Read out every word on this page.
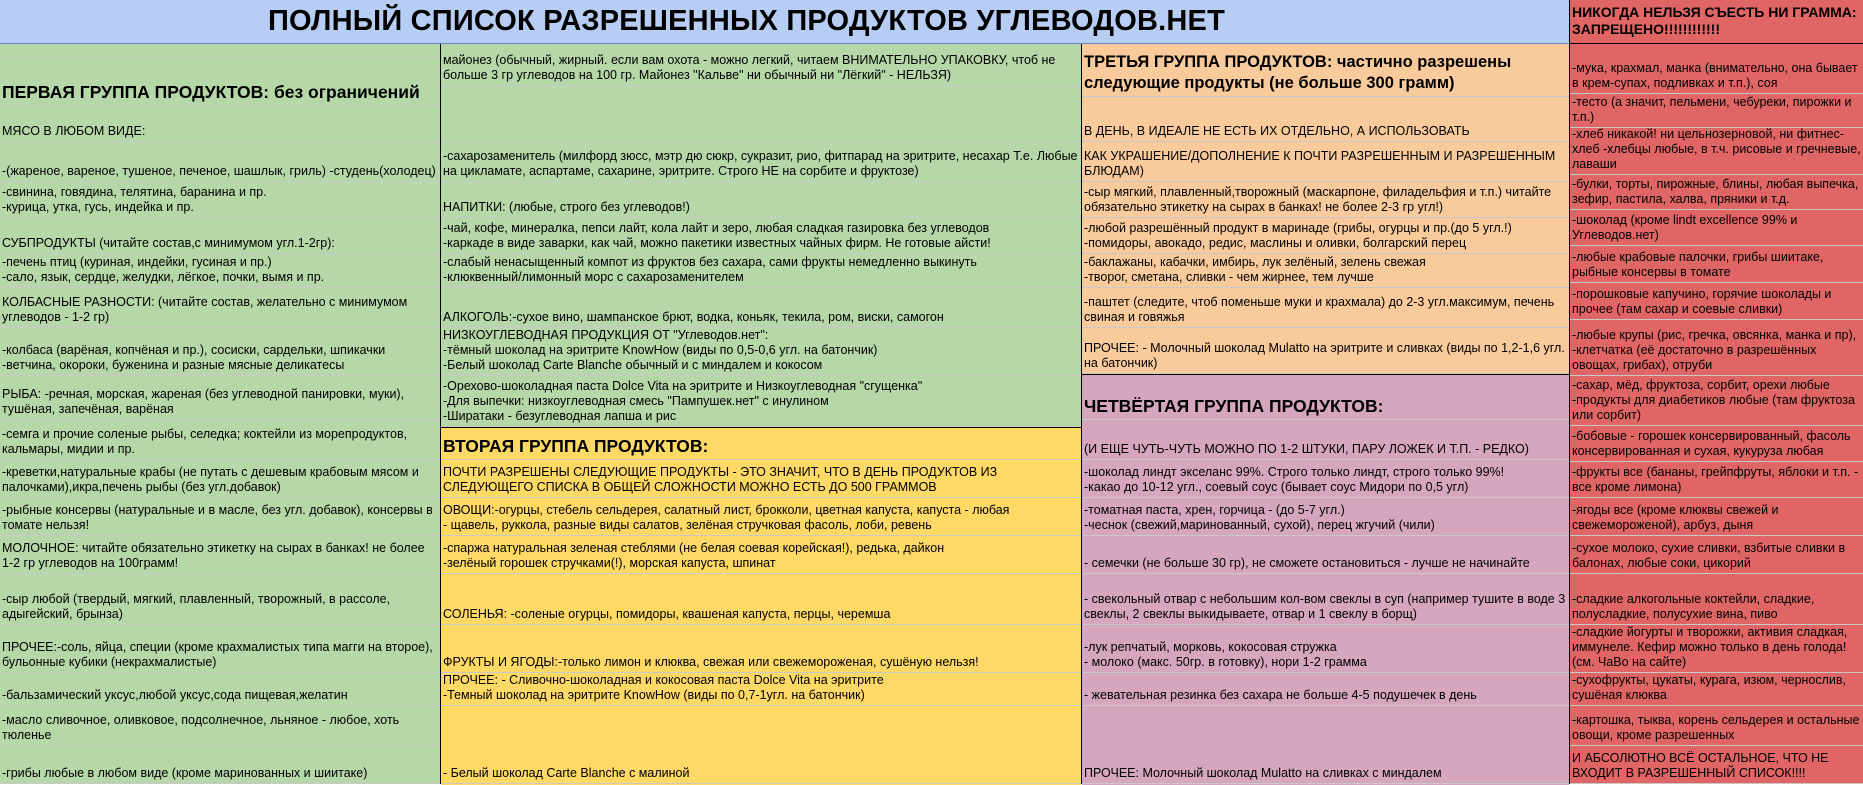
ПОЛНЫЙ СПИСОК РАЗРЕШЕННЫХ ПРОДУКТОВ УГЛЕВОДОВ.НЕТ
ПЕРВАЯ ГРУППА ПРОДУКТОВ: без ограничений
МЯСО В ЛЮБОМ ВИДЕ:
-(жареное, вареное, тушеное, печеное, шашлык, гриль) -студень(холодец)
-свинина, говядина, телятина, баранина и пр.
-курица, утка, гусь, индейка и пр.
СУБПРОДУКТЫ (читайте состав,с минимумом угл.1-2гр):
-печень птиц (куриная, индейки, гусиная и пр.)
-сало, язык, сердце, желудки, лёгкое, почки, вымя и пр.
КОЛБАСНЫЕ РАЗНОСТИ: (читайте состав, желательно с минимумом углеводов - 1-2 гр)
-колбаса (варёная, копчёная и пр.), сосиски, сардельки, шпикачки
-ветчина, окороки, буженина и разные мясные деликатесы
РЫБА: -речная, морская, жареная (без углеводной панировки, муки), тушёная, запечёная, варёная
-семга и прочие соленые рыбы, селедка; коктейли из морепродуктов, кальмары, мидии и пр.
-креветки,натуральные крабы (не путать с дешевым крабовым мясом и палочками),икра,печень рыбы (без угл.добавок)
-рыбные консервы (натуральные и в масле, без угл. добавок), консервы в томате нельзя!
МОЛОЧНОЕ: читайте обязательно этикетку на сырах в банках! не более 1-2 гр углеводов на 100грамм!
-сыр любой (твердый, мягкий, плавленный, творожный, в рассоле, адыгейский, брынза)
ПРОЧЕЕ:-соль, яйца, специи (кроме крахмалистых типа магги на второе), бульонные кубики (некрахмалистые)
-бальзамический уксус,любой уксус,сода пищевая,желатин
-масло сливочное, оливковое, подсолнечное, льняное - любое, хоть тюленье
-грибы любые в любом виде (кроме маринованных и шиитаке)
майонез (обычный, жирный. если вам охота - можно легкий, читаем ВНИМАТЕЛЬНО УПАКОВКУ, чтоб не больше 3 гр углеводов на 100 гр. Майонез "Кальве" ни обычный ни "Лёгкий" - НЕЛЬЗЯ)
-сахарозаменитель (милфорд зюсс, мэтр дю сюкр, сукразит, рио, фитпарад на эритрите, несахар Т.е. Любые на цикламате, аспартаме, сахарине, эритрите. Строго НЕ на сорбите и фруктозе)
НАПИТКИ: (любые, строго без углеводов!)
-чай, кофе, минералка, пепси лайт, кола лайт и зеро, любая сладкая газировка без углеводов
-каркаде в виде заварки, как чай, можно пакетики известных чайных фирм. Не готовые айсти!
-слабый ненасыщенный компот из фруктов без сахара, сами фрукты немедленно выкинуть
-клюквенный/лимонный морс с сахарозаменителем
АЛКОГОЛЬ:-сухое вино, шампанское брют, водка, коньяк, текила, ром, виски, самогон
НИЗКОУГЛЕВОДНАЯ ПРОДУКЦИЯ ОТ "Углеводов.нет":
-тёмный шоколад на эритрите KnowHow (виды по 0,5-0,6 угл. на батончик)
-Белый шоколад Carte Blanche обычный и с миндалем и кокосом
-Орехово-шоколадная паста Dolce Vita на эритрите и Низкоуглеводная "сгущенка"
-Для выпечки: низкоуглеводная смесь "Пампушек.нет" с инулином
-Ширатаки - безуглеводная лапша и рис
ВТОРАЯ ГРУППА ПРОДУКТОВ:
ПОЧТИ РАЗРЕШЕНЫ СЛЕДУЮЩИЕ ПРОДУКТЫ - ЭТО ЗНАЧИТ, ЧТО В ДЕНЬ ПРОДУКТОВ ИЗ СЛЕДУЮЩЕГО СПИСКА В ОБЩЕЙ СЛОЖНОСТИ МОЖНО ЕСТЬ ДО 500 ГРАММОВ
ОВОЩИ:-огурцы, стебель сельдерея, салатный лист, брокколи, цветная капуста, капуста - любая
- щавель, руккола, разные виды салатов, зелёная стручковая фасоль, лоби, ревень
-спаржа натуральная зеленая стеблями (не белая соевая корейская!), редька, дайкон
-зелёный горошек стручками(!), морская капуста, шпинат
СОЛЕНЬЯ: -соленые огурцы, помидоры, квашеная капуста, перцы, черемша
ФРУКТЫ И ЯГОДЫ:-только лимон и клюква, свежая или свежемороженая, сушёную нельзя!
ПРОЧЕЕ: - Сливочно-шоколадная и кокосовая паста Dolce Vita на эритрите
-Темный шоколад на эритрите KnowHow (виды по 0,7-1угл. на батончик)
- Белый шоколад Carte Blanche с малиной
ТРЕТЬЯ ГРУППА ПРОДУКТОВ: частично разрешены следующие продукты (не больше 300 грамм)
В ДЕНЬ, В ИДЕАЛЕ НЕ ЕСТЬ ИХ ОТДЕЛЬНО, А ИСПОЛЬЗОВАТЬ
КАК УКРАШЕНИЕ/ДОПОЛНЕНИЕ К ПОЧТИ РАЗРЕШЕННЫМ И РАЗРЕШЕННЫМ БЛЮДАМ)
-сыр мягкий, плавленный,творожный (маскарпоне, филадельфия и т.п.) читайте обязательно этикетку на сырах в банках! не более 2-3 гр угл!)
-любой разрешённый продукт в маринаде (грибы, огурцы и пр.(до 5 угл.!)
-помидоры, авокадо, редис, маслины и оливки, болгарский перец
-баклажаны, кабачки, имбирь, лук зелёный, зелень свежая
-творог, сметана, сливки - чем жирнее, тем лучше
-паштет (следите, чтоб поменьше муки и крахмала) до 2-3 угл.максимум, печень свиная и говяжья
ПРОЧЕЕ: - Молочный шоколад Mulatto на эритрите и сливках (виды по 1,2-1,6 угл. на батончик)
ЧЕТВЁРТАЯ ГРУППА ПРОДУКТОВ:
(И ЕЩЕ ЧУТЬ-ЧУТЬ МОЖНО ПО 1-2 ШТУКИ, ПАРУ ЛОЖЕК И Т.П. - РЕДКО)
-шоколад линдт экселанс 99%. Строго только линдт, строго только 99%!
-какао до 10-12 угл., соевый соус (бывает соус Мидори по 0,5 угл)
-томатная паста, хрен, горчица - (до 5-7 угл.)
-чеснок (свежий,маринованный, сухой), перец жгучий (чили)
- семечки (не больше 30 гр), не сможете остановиться - лучше не начинайте
- свекольный отвар с небольшим кол-вом свеклы в суп (например тушите в воде 3 свеклы, 2 свеклы выкидываете, отвар и 1 свеклу в борщ)
-лук репчатый, морковь, кокосовая стружка
- молоко (макс. 50гр. в готовку), нори 1-2 грамма
- жевательная резинка без сахара не больше 4-5 подушечек в день
ПРОЧЕЕ: Молочный шоколад Mulatto на сливках с миндалем
НИКОГДА НЕЛЬЗЯ СЪЕСТЬ НИ ГРАММА: ЗАПРЕЩЕНО!!!!!!!!!!!!
-мука, крахмал, манка (внимательно, она бывает в крем-супах, подливках и т.п.), соя
-тесто (а значит, пельмени, чебуреки, пирожки и т.п.)
-хлеб никакой! ни цельнозерновой, ни фитнес-хлеб -хлебцы любые, в т.ч. рисовые и гречневые, лаваши
-булки, торты, пирожные, блины, любая выпечка, зефир, пастила, халва, пряники и т.д.
-шоколад (кроме lindt excellence 99% и Углеводов.нет)
-любые крабовые палочки, грибы шиитаке, рыбные консервы в томате
-порошковые капучино, горячие шоколады и прочее (там сахар и соевые сливки)
-любые крупы (рис, гречка, овсянка, манка и пр), -клетчатка (её достаточно в разрешённых овощах, грибах), отруби
-сахар, мёд, фруктоза, сорбит, орехи любые -продукты для диабетиков любые (там фруктоза или сорбит)
-бобовые - горошек консервированный, фасоль консервированная и сухая, кукуруза любая
-фрукты все (бананы, грейпфруты, яблоки и т.п. - все кроме лимона)
-ягоды все (кроме клюквы свежей и свежемороженой), арбуз, дыня
-сухое молоко, сухие сливки, взбитые сливки в балонах, любые соки, цикорий
-сладкие алкогольные коктейли, сладкие, полусладкие, полусухие вина, пиво
-сладкие йогурты и творожки, активия сладкая, иммунеле. Кефир можно только в день голода! (см. ЧаВо на сайте)
-сухофрукты, цукаты, курага, изюм, чернослив, сушёная клюква
-картошка, тыква, корень сельдерея и остальные овощи, кроме разрешенных
И АБСОЛЮТНО ВСЁ ОСТАЛЬНОЕ, ЧТО НЕ ВХОДИТ В РАЗРЕШЕННЫЙ СПИСОК!!!!
